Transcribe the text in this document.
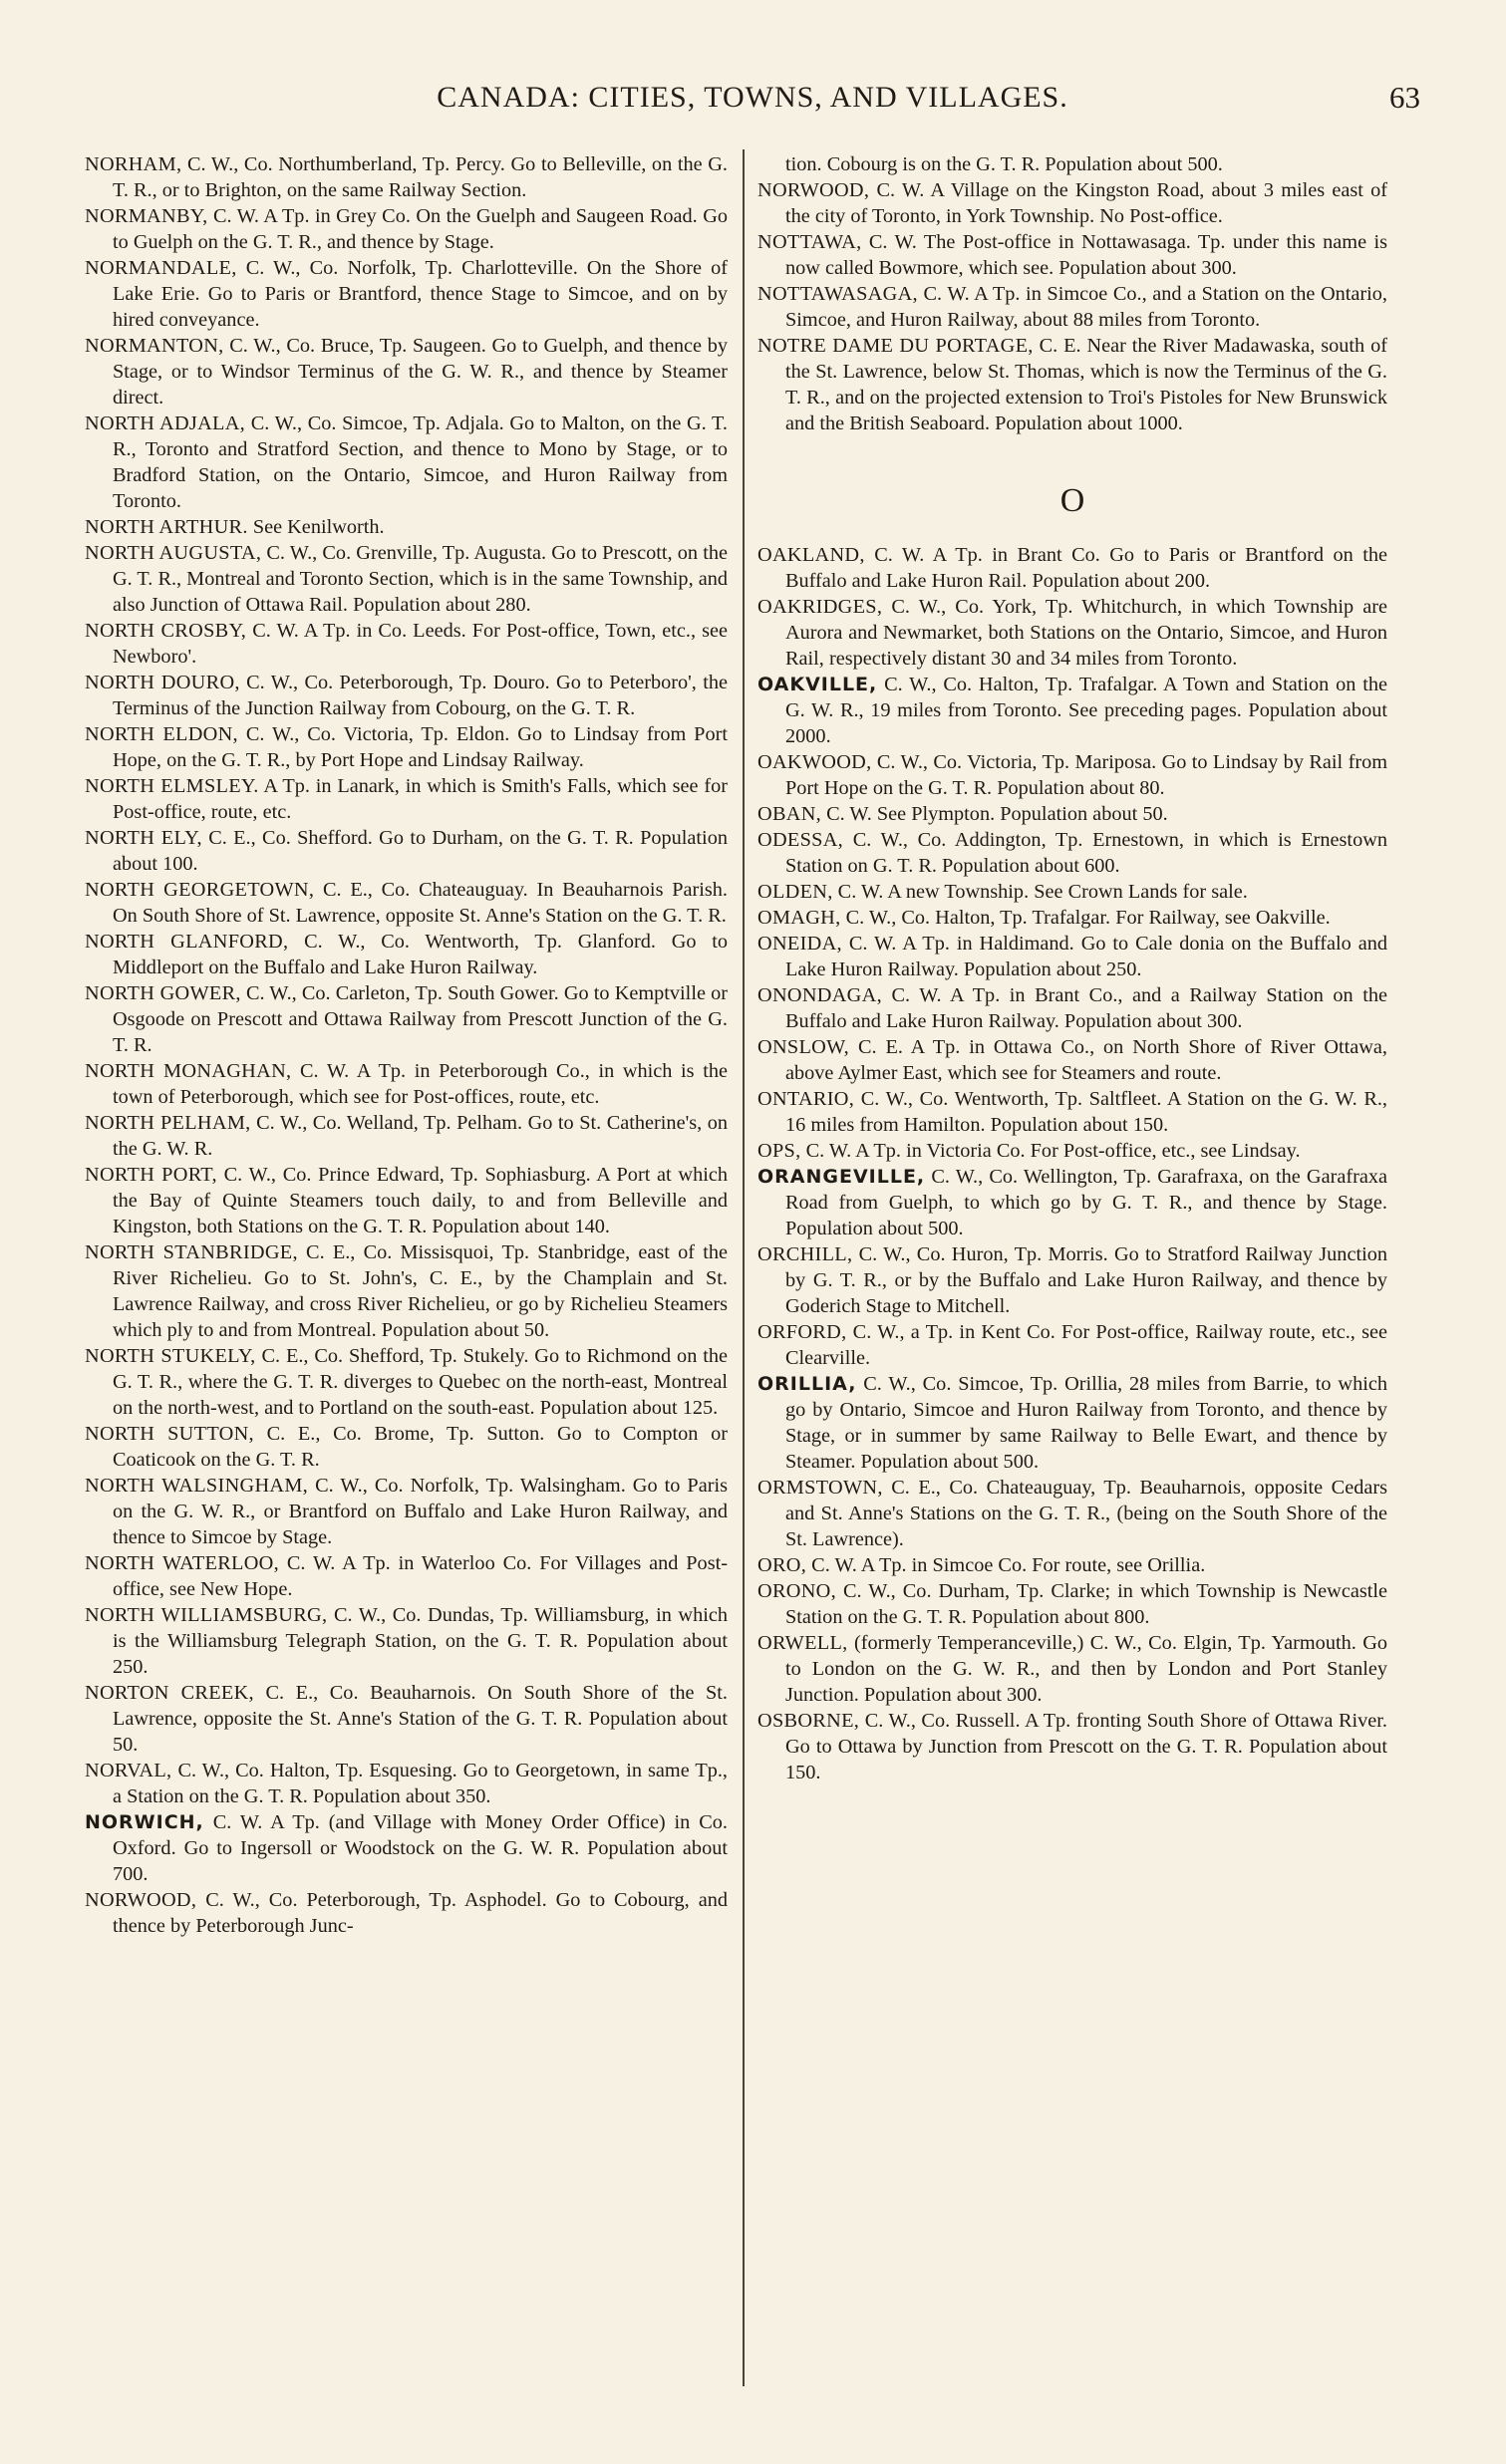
CANADA: CITIES, TOWNS, AND VILLAGES.	63

NORHAM, C. W., Co. Northumberland, Tp. Percy. Go to Belleville, on the G. T. R., or to Brighton, on the same Railway Section.

NORMANBY, C. W. A Tp. in Grey Co. On the Guelph and Saugeen Road. Go to Guelph on the G. T. R., and thence by Stage.

NORMANDALE, C. W., Co. Norfolk, Tp. Charlotteville. On the Shore of Lake Erie. Go to Paris or Brantford, thence Stage to Simcoe, and on by hired conveyance.

NORMANTON, C. W., Co. Bruce, Tp. Saugeen. Go to Guelph, and thence by Stage, or to Windsor Terminus of the G. W. R., and thence by Steamer direct.

NORTH ADJALA, C. W., Co. Simcoe, Tp. Adjala. Go to Malton, on the G. T. R., Toronto and Stratford Section, and thence to Mono by Stage, or to Bradford Station, on the Ontario, Simcoe, and Huron Railway from Toronto.

NORTH ARTHUR. See Kenilworth.

NORTH AUGUSTA, C. W., Co. Grenville, Tp. Augusta. Go to Prescott, on the G. T. R., Montreal and Toronto Section, which is in the same Township, and also Junction of Ottawa Rail. Population about 280.

NORTH CROSBY, C. W. A Tp. in Co. Leeds. For Post-office, Town, etc., see Newboro'.

NORTH DOURO, C. W., Co. Peterborough, Tp. Douro. Go to Peterboro', the Terminus of the Junction Railway from Cobourg, on the G. T. R.

NORTH ELDON, C. W., Co. Victoria, Tp. Eldon. Go to Lindsay from Port Hope, on the G. T. R., by Port Hope and Lindsay Railway.

NORTH ELMSLEY. A Tp. in Lanark, in which is Smith's Falls, which see for Post-office, route, etc.

NORTH ELY, C. E., Co. Shefford. Go to Durham, on the G. T. R. Population about 100.

NORTH GEORGETOWN, C. E., Co. Chateauguay. In Beauharnois Parish. On South Shore of St. Lawrence, opposite St. Anne's Station on the G. T. R.

NORTH GLANFORD, C. W., Co. Wentworth, Tp. Glanford. Go to Middleport on the Buffalo and Lake Huron Railway.

NORTH GOWER, C. W., Co. Carleton, Tp. South Gower. Go to Kemptville or Osgoode on Prescott and Ottawa Railway from Prescott Junction of the G. T. R.

NORTH MONAGHAN, C. W. A Tp. in Peterborough Co., in which is the town of Peterborough, which see for Post-offices, route, etc.

NORTH PELHAM, C. W., Co. Welland, Tp. Pelham. Go to St. Catherine's, on the G. W. R.

NORTH PORT, C. W., Co. Prince Edward, Tp. Sophiasburg. A Port at which the Bay of Quinte Steamers touch daily, to and from Belleville and Kingston, both Stations on the G. T. R. Population about 140.

NORTH STANBRIDGE, C. E., Co. Missisquoi, Tp. Stanbridge, east of the River Richelieu. Go to St. John's, C. E., by the Champlain and St. Lawrence Railway, and cross River Richelieu, or go by Richelieu Steamers which ply to and from Montreal. Population about 50.

NORTH STUKELY, C. E., Co. Shefford, Tp. Stukely. Go to Richmond on the G. T. R., where the G. T. R. diverges to Quebec on the north-east, Montreal on the north-west, and to Portland on the south-east. Population about 125.

NORTH SUTTON, C. E., Co. Brome, Tp. Sutton. Go to Compton or Coaticook on the G. T. R.

NORTH WALSINGHAM, C. W., Co. Norfolk, Tp. Walsingham. Go to Paris on the G. W. R., or Brantford on Buffalo and Lake Huron Railway, and thence to Simcoe by Stage.

NORTH WATERLOO, C. W. A Tp. in Waterloo Co. For Villages and Post-office, see New Hope.

NORTH WILLIAMSBURG, C. W., Co. Dundas, Tp. Williamsburg, in which is the Williamsburg Telegraph Station, on the G. T. R. Population about 250.

NORTON CREEK, C. E., Co. Beauharnois. On South Shore of the St. Lawrence, opposite the St. Anne's Station of the G. T. R. Population about 50.

NORVAL, C. W., Co. Halton, Tp. Esquesing. Go to Georgetown, in same Tp., a Station on the G. T. R. Population about 350.

NORWICH, C. W. A Tp. (and Village with Money Order Office) in Co. Oxford. Go to Ingersoll or Woodstock on the G. W. R. Population about 700.

NORWOOD, C. W., Co. Peterborough, Tp. Asphodel. Go to Cobourg, and thence by Peterborough Junc-

tion. Cobourg is on the G. T. R. Population about 500.

NORWOOD, C. W. A Village on the Kingston Road, about 3 miles east of the city of Toronto, in York Township. No Post-office.

NOTTAWA, C. W. The Post-office in Nottawasaga. Tp. under this name is now called Bowmore, which see. Population about 300.

NOTTAWASAGA, C. W. A Tp. in Simcoe Co., and a Station on the Ontario, Simcoe, and Huron Railway, about 88 miles from Toronto.

NOTRE DAME DU PORTAGE, C. E. Near the River Madawaska, south of the St. Lawrence, below St. Thomas, which is now the Terminus of the G. T. R., and on the projected extension to Troi's Pistoles for New Brunswick and the British Seaboard. Population about 1000.

O

OAKLAND, C. W. A Tp. in Brant Co. Go to Paris or Brantford on the Buffalo and Lake Huron Rail. Population about 200.

OAKRIDGES, C. W., Co. York, Tp. Whitchurch, in which Township are Aurora and Newmarket, both Stations on the Ontario, Simcoe, and Huron Rail, respectively distant 30 and 34 miles from Toronto.

OAKVILLE, C. W., Co. Halton, Tp. Trafalgar. A Town and Station on the G. W. R., 19 miles from Toronto. See preceding pages. Population about 2000.

OAKWOOD, C. W., Co. Victoria, Tp. Mariposa. Go to Lindsay by Rail from Port Hope on the G. T. R. Population about 80.

OBAN, C. W. See Plympton. Population about 50.

ODESSA, C. W., Co. Addington, Tp. Ernestown, in which is Ernestown Station on G. T. R. Population about 600.

OLDEN, C. W. A new Township. See Crown Lands for sale.

OMAGH, C. W., Co. Halton, Tp. Trafalgar. For Railway, see Oakville.

ONEIDA, C. W. A Tp. in Haldimand. Go to Cale donia on the Buffalo and Lake Huron Railway. Population about 250.

ONONDAGA, C. W. A Tp. in Brant Co., and a Railway Station on the Buffalo and Lake Huron Railway. Population about 300.

ONSLOW, C. E. A Tp. in Ottawa Co., on North Shore of River Ottawa, above Aylmer East, which see for Steamers and route.

ONTARIO, C. W., Co. Wentworth, Tp. Saltfleet. A Station on the G. W. R., 16 miles from Hamilton. Population about 150.

OPS, C. W. A Tp. in Victoria Co. For Post-office, etc., see Lindsay.

ORANGEVILLE, C. W., Co. Wellington, Tp. Garafraxa, on the Garafraxa Road from Guelph, to which go by G. T. R., and thence by Stage. Population about 500.

ORCHILL, C. W., Co. Huron, Tp. Morris. Go to Stratford Railway Junction by G. T. R., or by the Buffalo and Lake Huron Railway, and thence by Goderich Stage to Mitchell.

ORFORD, C. W., a Tp. in Kent Co. For Post-office, Railway route, etc., see Clearville.

ORILLIA, C. W., Co. Simcoe, Tp. Orillia, 28 miles from Barrie, to which go by Ontario, Simcoe and Huron Railway from Toronto, and thence by Stage, or in summer by same Railway to Belle Ewart, and thence by Steamer. Population about 500.

ORMSTOWN, C. E., Co. Chateauguay, Tp. Beauharnois, opposite Cedars and St. Anne's Stations on the G. T. R., (being on the South Shore of the St. Lawrence).

ORO, C. W. A Tp. in Simcoe Co. For route, see Orillia.

ORONO, C. W., Co. Durham, Tp. Clarke; in which Township is Newcastle Station on the G. T. R. Population about 800.

ORWELL, (formerly Temperanceville,) C. W., Co. Elgin, Tp. Yarmouth. Go to London on the G. W. R., and then by London and Port Stanley Junction. Population about 300.

OSBORNE, C. W., Co. Russell. A Tp. fronting South Shore of Ottawa River. Go to Ottawa by Junction from Prescott on the G. T. R. Population about 150.
